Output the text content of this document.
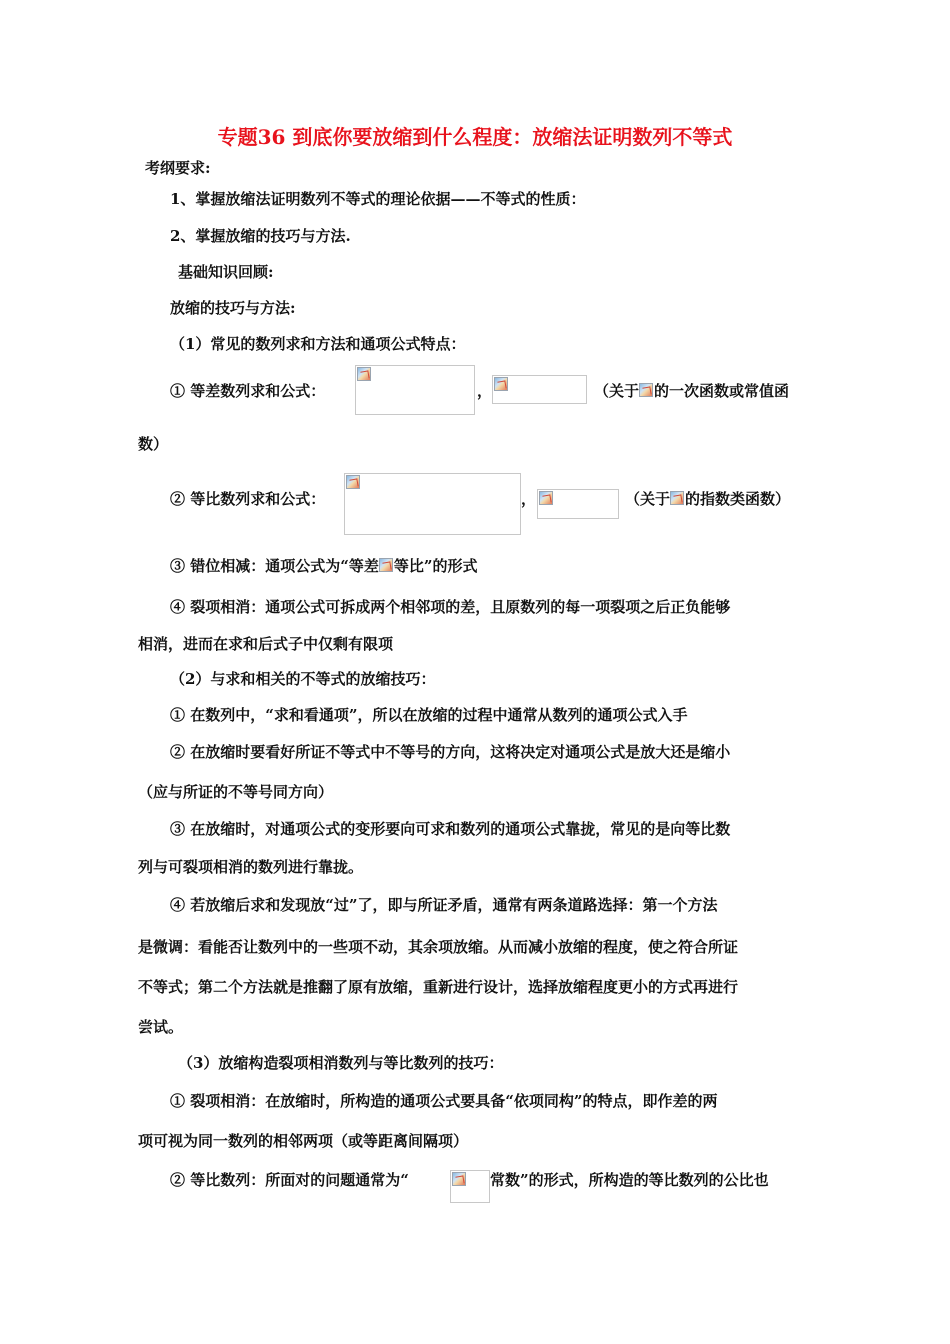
专题36 到底你要放缩到什么程度：放缩法证明数列不等式
考纲要求:
1、掌握放缩法证明数列不等式的理论依据——不等式的性质：
2、掌握放缩的技巧与方法.
基础知识回顾:
放缩的技巧与方法:
（1）常见的数列求和方法和通项公式特点：
① 等差数列求和公式：	，	（关于 的一次函数或常值函
数）
② 等比数列求和公式：	，	（关于 的指数类函数）
③ 错位相减：通项公式为“等差 等比”的形式
④ 裂项相消：通项公式可拆成两个相邻项的差，且原数列的每一项裂项之后正负能够
相消，进而在求和后式子中仅剩有限项
（2）与求和相关的不等式的放缩技巧：
① 在数列中，“求和看通项”，所以在放缩的过程中通常从数列的通项公式入手
② 在放缩时要看好所证不等式中不等号的方向，这将决定对通项公式是放大还是缩小
（应与所证的不等号同方向）
③ 在放缩时，对通项公式的变形要向可求和数列的通项公式靠拢，常见的是向等比数
列与可裂项相消的数列进行靠拢。
④ 若放缩后求和发现放“过”了，即与所证矛盾，通常有两条道路选择：第一个方法
是微调：看能否让数列中的一些项不动，其余项放缩。从而减小放缩的程度，使之符合所证
不等式；第二个方法就是推翻了原有放缩，重新进行设计，选择放缩程度更小的方式再进行
尝试。
（3）放缩构造裂项相消数列与等比数列的技巧：
① 裂项相消：在放缩时，所构造的通项公式要具备“依项同构”的特点，即作差的两
项可视为同一数列的相邻两项（或等距离间隔项）
② 等比数列：所面对的问题通常为“	常数”的形式，所构造的等比数列的公比也
